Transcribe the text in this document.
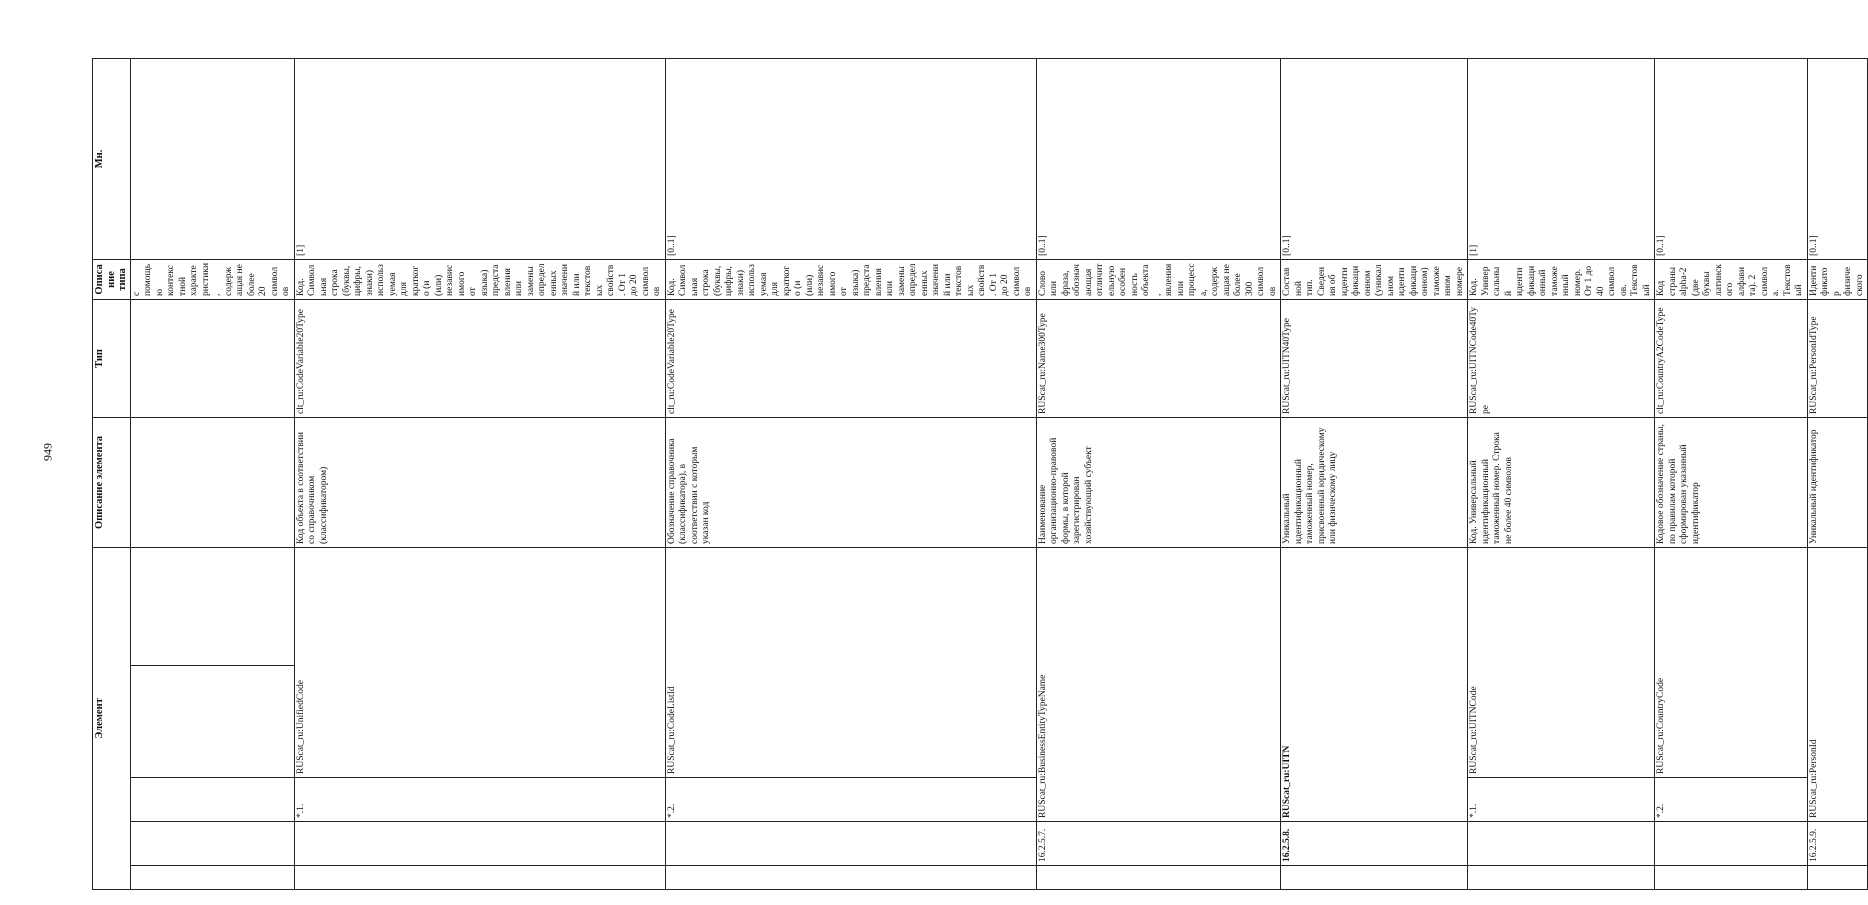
949
Элемент					Описание элемента	Тип	Описание типа	Мн.
							с помощью контекстной характеристики, содержащая не более 20 символов	
		*.1.	RUScat_ru:UnifiedCode		Код объекта в соответствии со справочником (классификатором)	clt_ru:CodeVariable20Type	Код. Символьная строка (буквы, цифры, знаки) используемая для краткого (и (или) независимого от языка) представления или замены определенных значений или текстовых свойств. От 1 до 20 символов	[1]
		*.2.	RUScat_ru:CodeListId		Обозначение справочника (классификатора), в соответствии с которым указан код	clt_ru:CodeVariable20Type	Код. Символьная строка (буквы, цифры, знаки) используемая для краткого (и (или) независимого от языка) представления или замены определенных значений или текстовых свойств. От 1 до 20 символов	[0..1]
	16.2.5.7.	RUScat_ru:BusinessEntityTypeName			Наименование организационно-правовой формы, в которой зарегистрирован хозяйствующий субъект	RUScat_ru:Name300Type	Слово или фраза, обозначающая отличительную особенность объекта, явления или процесса, содержащая не более 300 символов	[0..1]
	16.2.5.8.	RUScat_ru:UITN			Уникальный идентификационный таможенный номер, присвоенный юридическому или физическому лицу	RUScat_ru:UITN40Type	Составной тип. Сведения об идентификационном (уникальном идентификационном) таможенном номере	[0..1]
		*.1.	RUScat_ru:UITNCode		Код. Универсальный идентификационный таможенный номер. Строка не более 40 символов	RUScat_ru:UITNCode40Type	Код. Универсальный идентификационный таможенный номер. От 1 до 40 символов. Текстовый	[1]
		*.2.	RUScat_ru:CountryCode		Кодовое обозначение страны, по правилам которой сформирован указанный идентификатор	clt_ru:CountryA2CodeType	Код страны alpha-2 (две буквы латинского алфавита). 2 символа. Текстовый	[0..1]
	16.2.5.9.	RUScat_ru:PersonId			Уникальный идентификатор	RUScat_ru:PersonIdType	Идентификатор физического	[0..1]
